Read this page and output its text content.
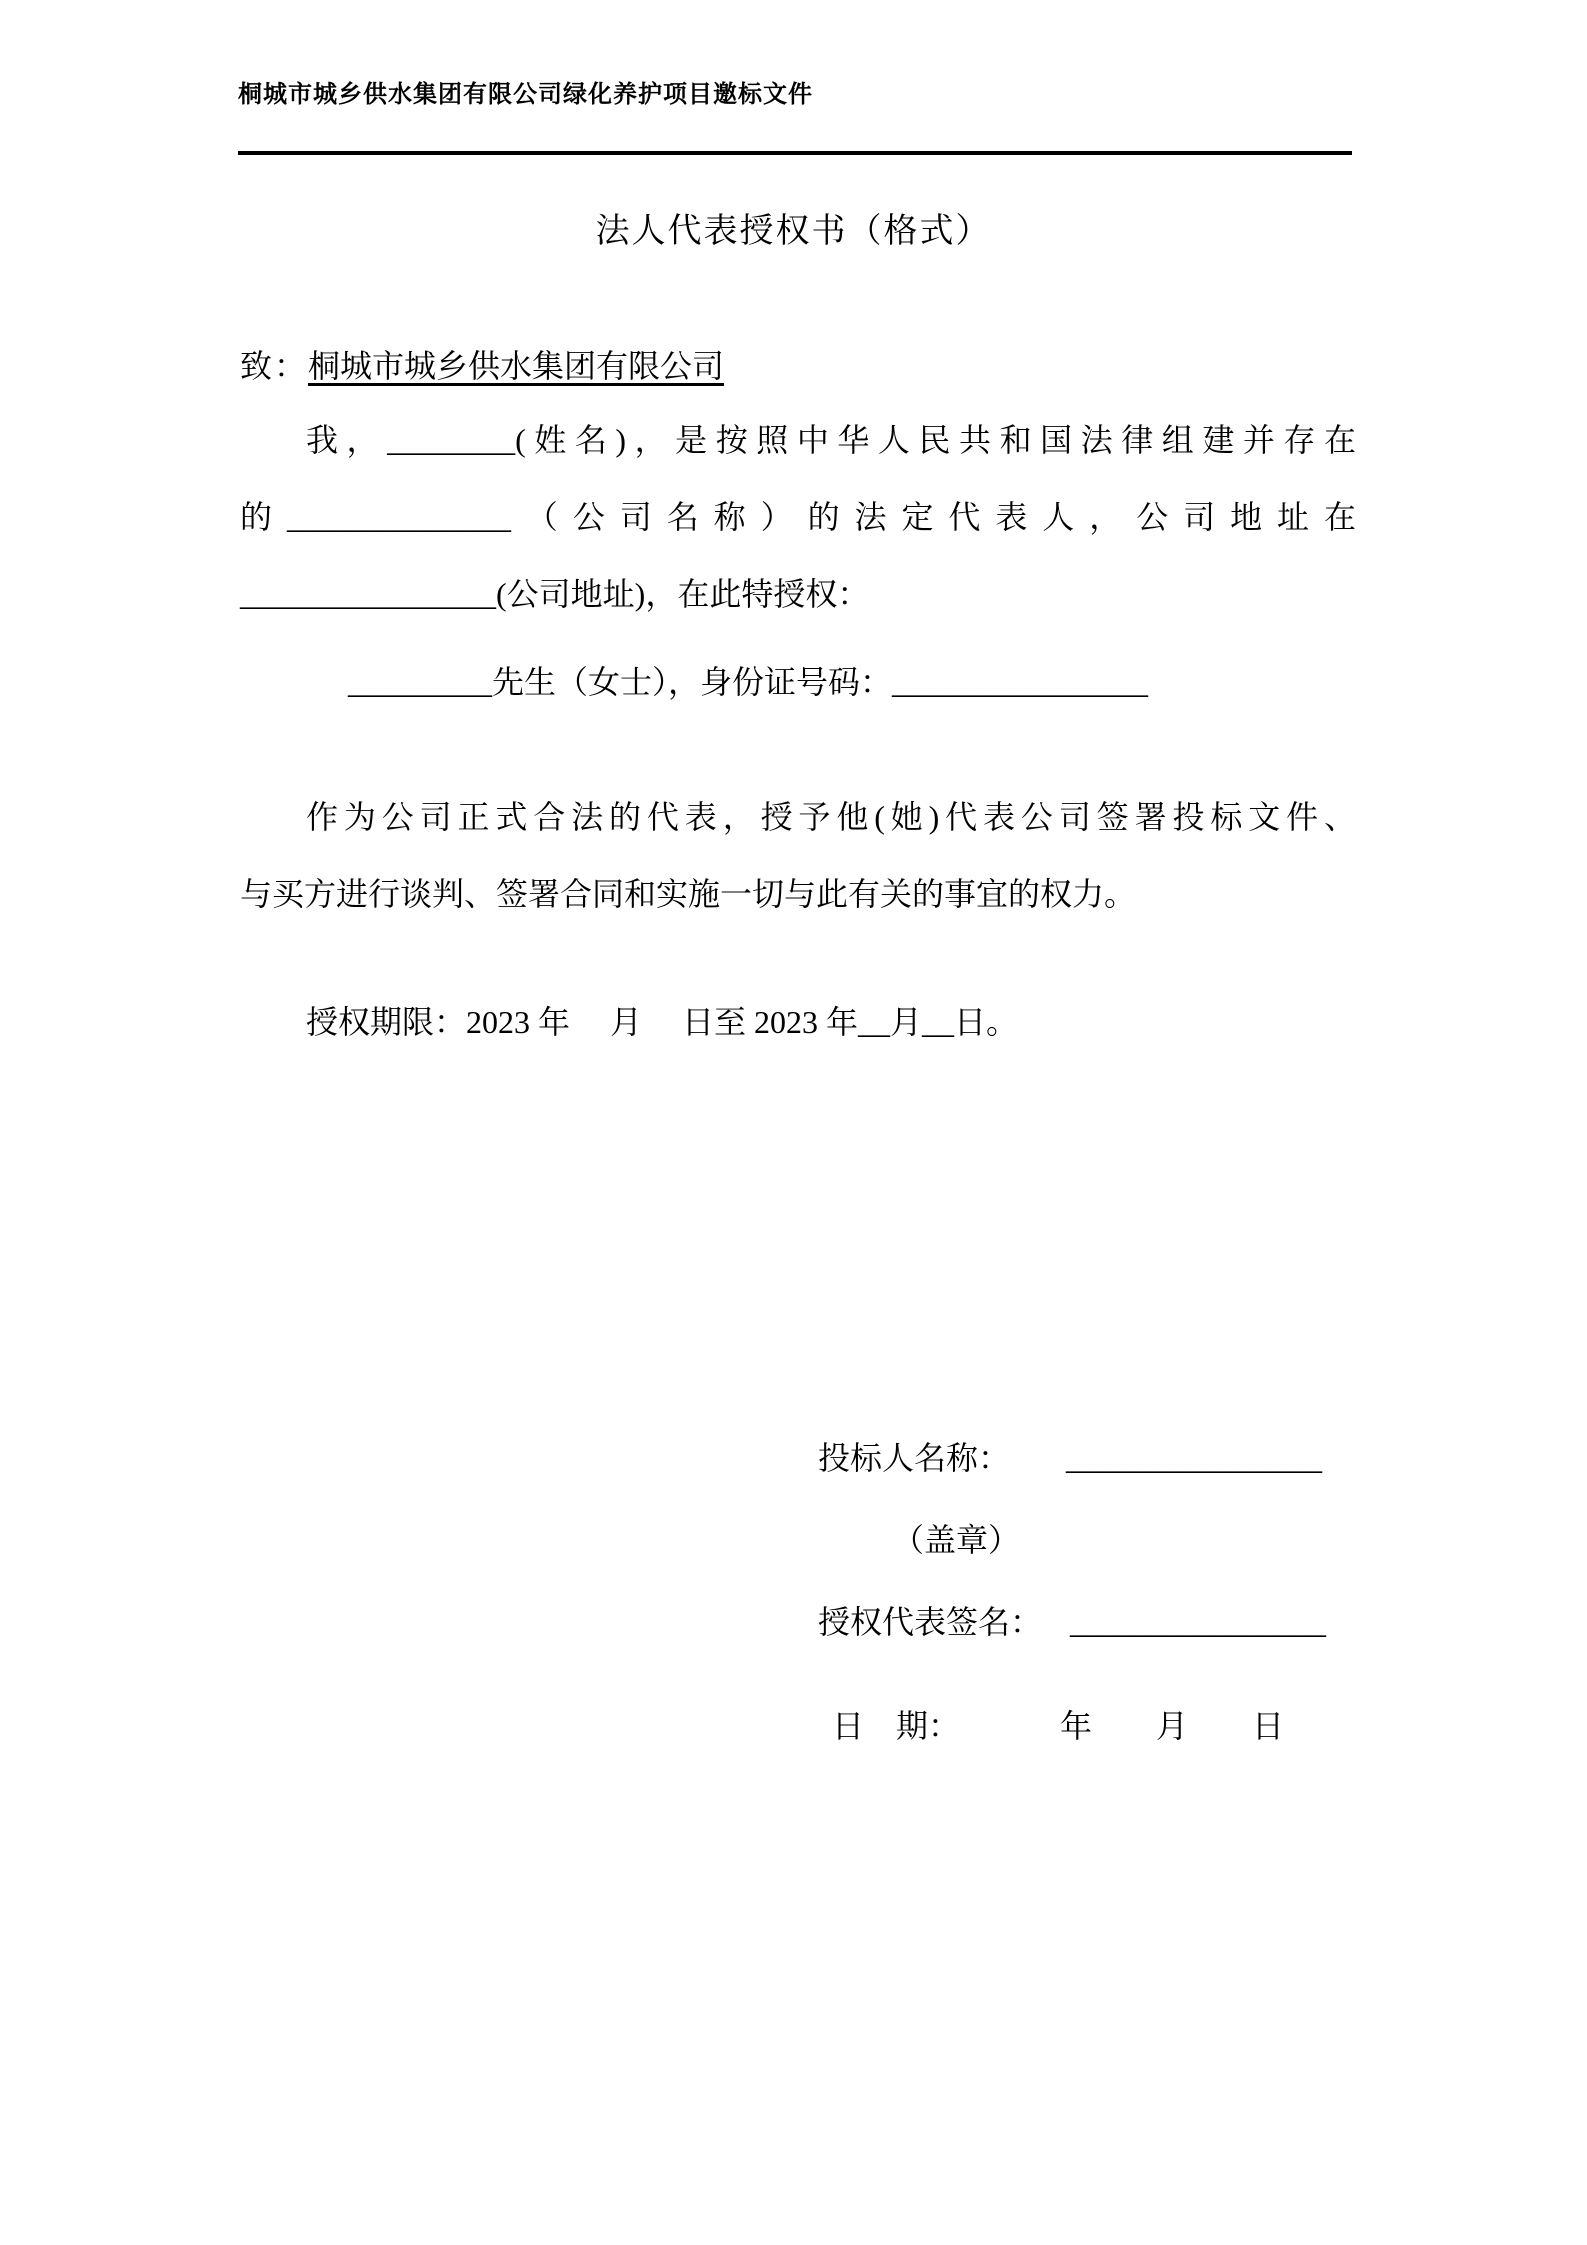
桐城市城乡供水集团有限公司绿化养护项目邀标文件
法人代表授权书（格式）
致：桐城市城乡供水集团有限公司
我，________(姓名)，是按照中华人民共和国法律组建并存在
的______________（公司名称）的法定代表人，公司地址在
________________(公司地址)，在此特授权：
_________先生（女士），身份证号码：________________
作为公司正式合法的代表，授予他(她)代表公司签署投标文件、
与买方进行谈判、签署合同和实施一切与此有关的事宜的权力。
授权期限：2023 年　 月　 日至 2023 年__月__日。

投标人名称： ________________

（盖章）

授权代表签名： ________________

日　期：	年　　月　　日
